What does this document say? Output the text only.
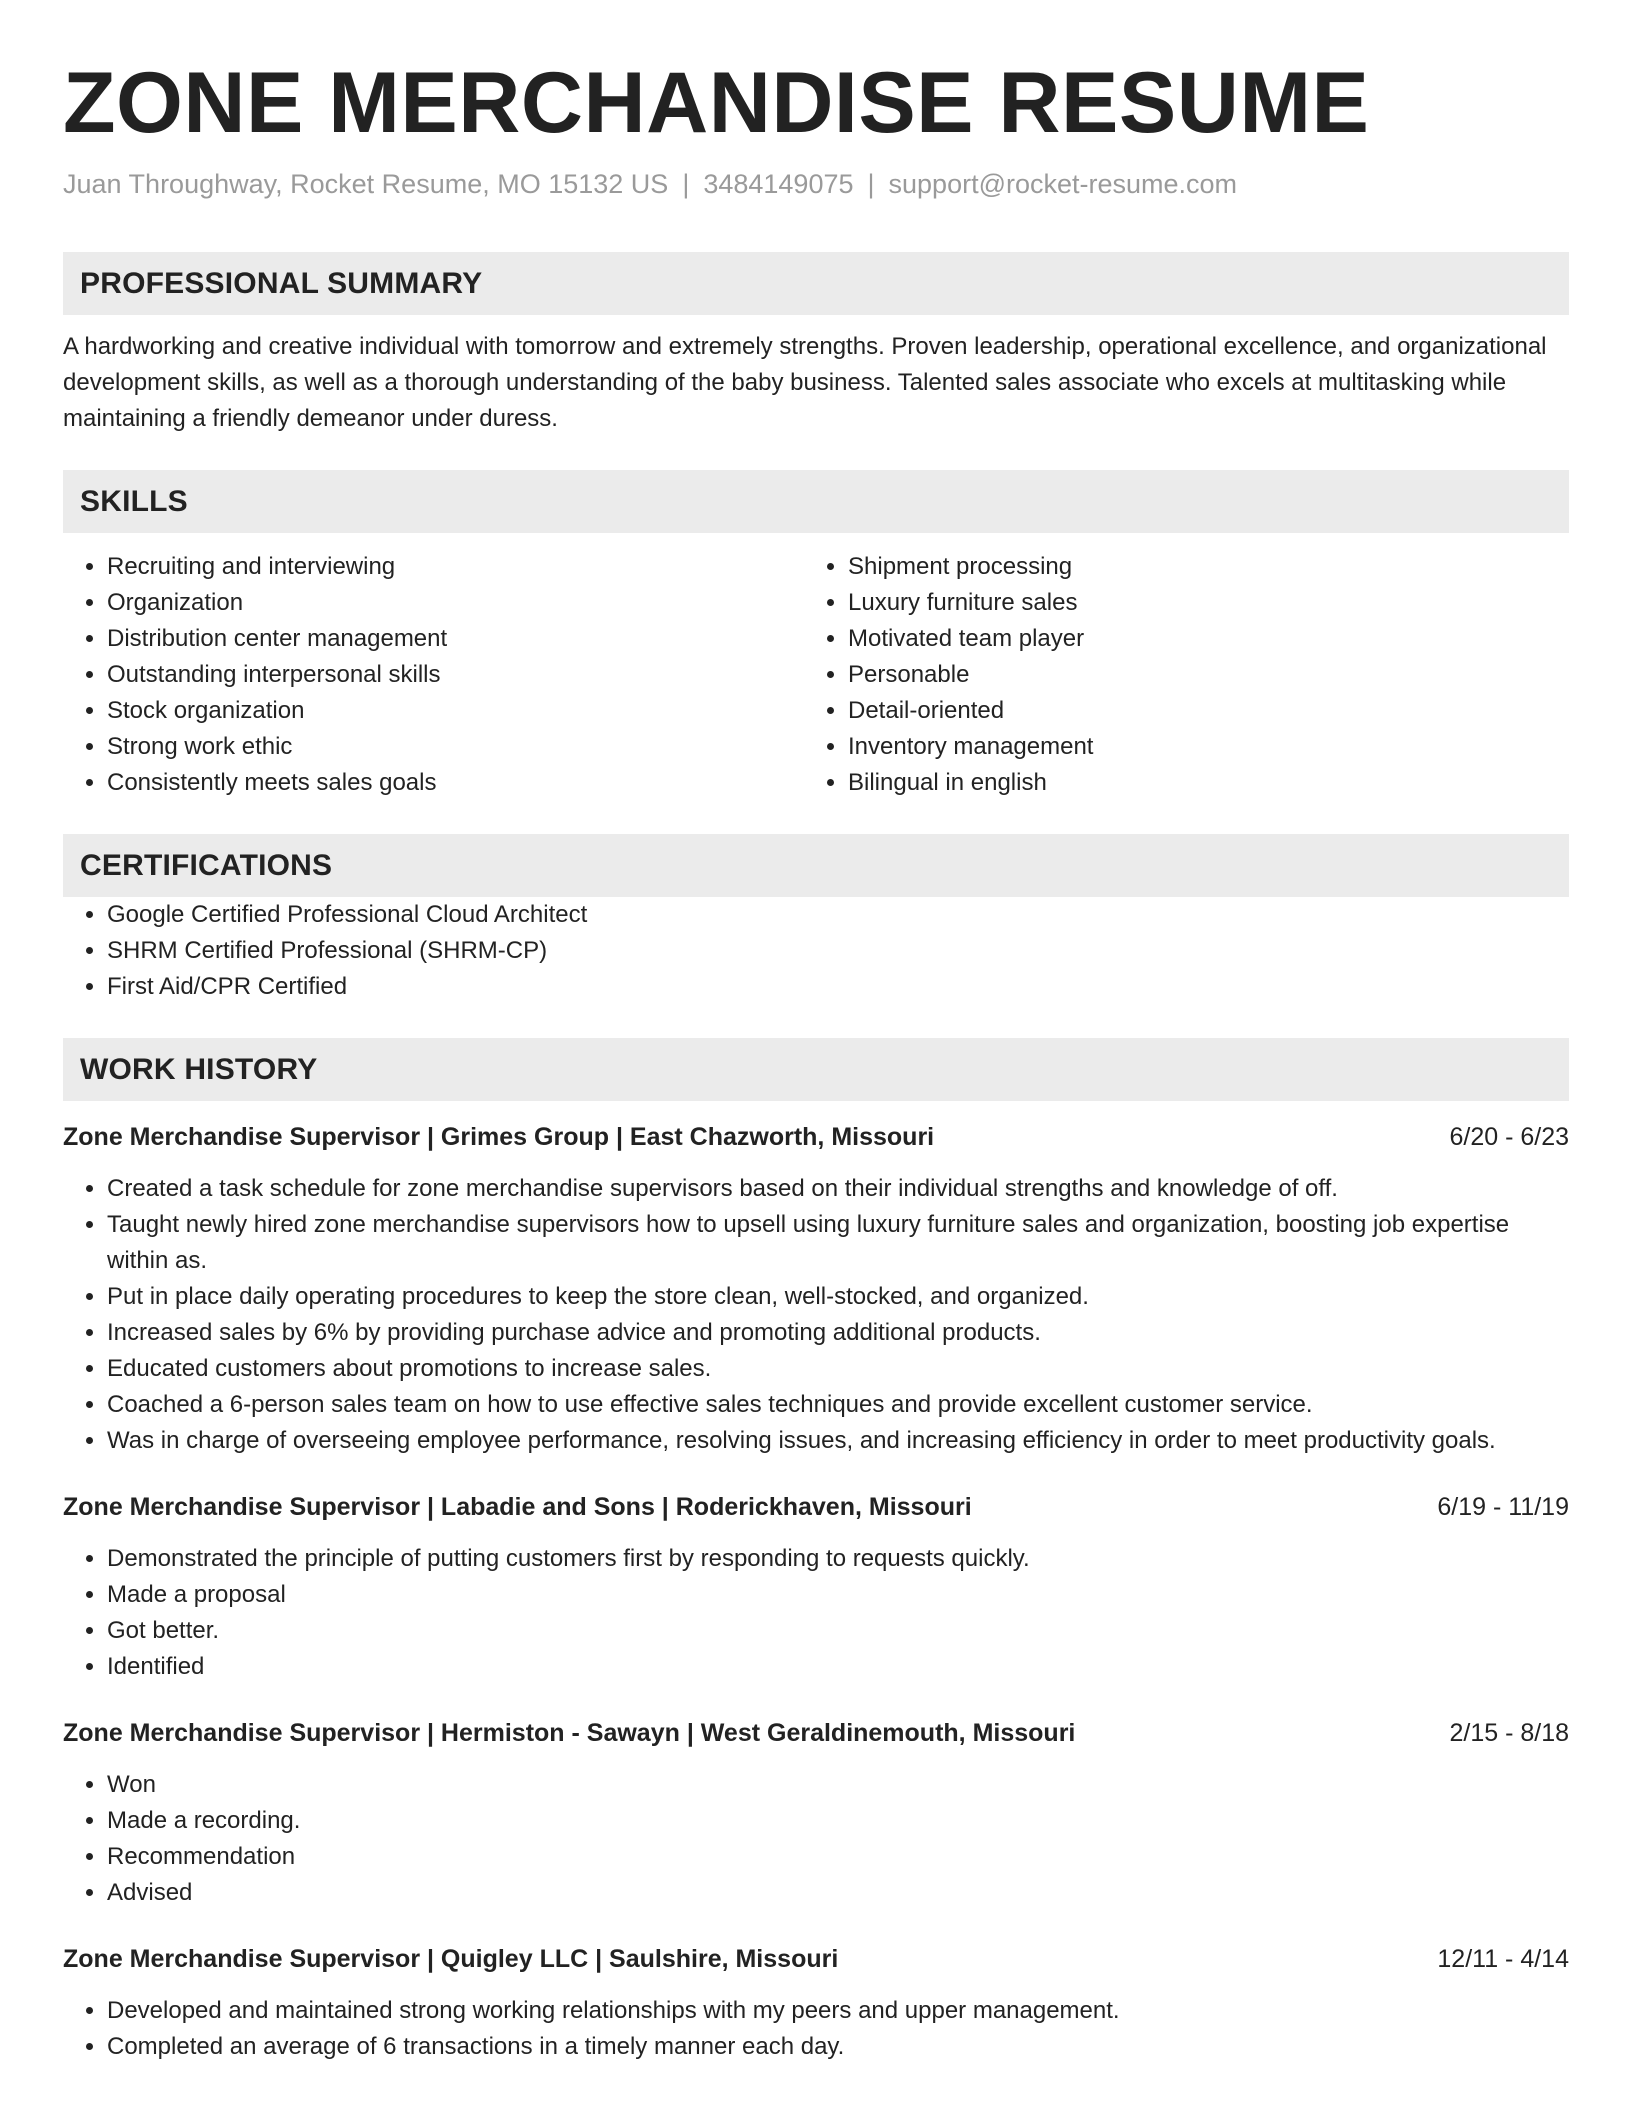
ZONE MERCHANDISE RESUME
Juan Throughway, Rocket Resume, MO 15132 US | 3484149075 | support@rocket-resume.com
PROFESSIONAL SUMMARY

A hardworking and creative individual with tomorrow and extremely strengths. Proven leadership, operational excellence, and organizational development skills, as well as a thorough understanding of the baby business. Talented sales associate who excels at multitasking while maintaining a friendly demeanor under duress.

SKILLS
• Recruiting and interviewing
• Organization
• Distribution center management
• Outstanding interpersonal skills
• Stock organization
• Strong work ethic
• Consistently meets sales goals
• Shipment processing
• Luxury furniture sales
• Motivated team player
• Personable
• Detail-oriented
• Inventory management
• Bilingual in english
CERTIFICATIONS
• Google Certified Professional Cloud Architect
• SHRM Certified Professional (SHRM-CP)
• First Aid/CPR Certified
WORK HISTORY
Zone Merchandise Supervisor | Grimes Group | East Chazworth, Missouri	6/20 - 6/23
• Created a task schedule for zone merchandise supervisors based on their individual strengths and knowledge of off.
• Taught newly hired zone merchandise supervisors how to upsell using luxury furniture sales and organization, boosting job expertise within as.
• Put in place daily operating procedures to keep the store clean, well-stocked, and organized.
• Increased sales by 6% by providing purchase advice and promoting additional products.
• Educated customers about promotions to increase sales.
• Coached a 6-person sales team on how to use effective sales techniques and provide excellent customer service.
• Was in charge of overseeing employee performance, resolving issues, and increasing efficiency in order to meet productivity goals.
Zone Merchandise Supervisor | Labadie and Sons | Roderickhaven, Missouri	6/19 - 11/19
• Demonstrated the principle of putting customers first by responding to requests quickly.
• Made a proposal
• Got better.
• Identified
Zone Merchandise Supervisor | Hermiston - Sawayn | West Geraldinemouth, Missouri	2/15 - 8/18
• Won
• Made a recording.
• Recommendation
• Advised
Zone Merchandise Supervisor | Quigley LLC | Saulshire, Missouri	12/11 - 4/14
• Developed and maintained strong working relationships with my peers and upper management.
• Completed an average of 6 transactions in a timely manner each day.
